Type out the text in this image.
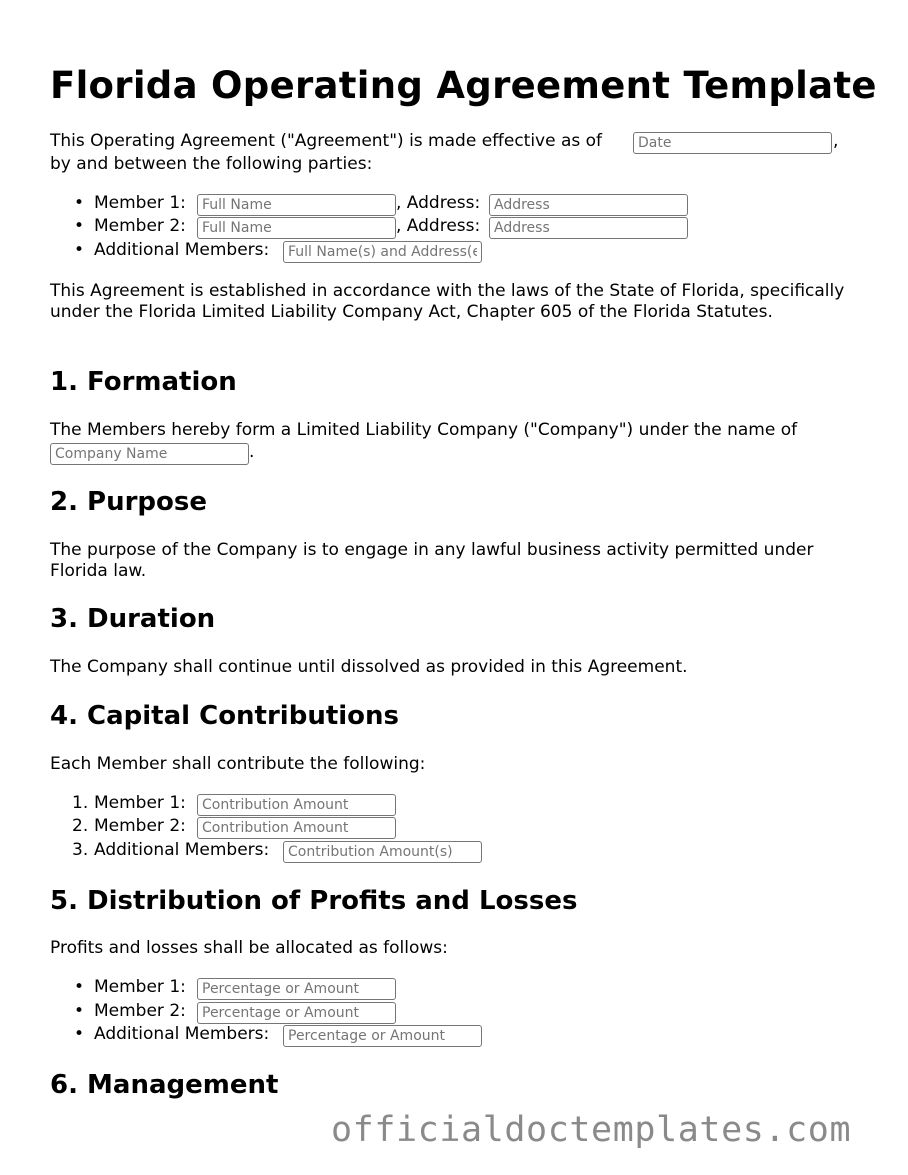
Florida Operating Agreement Template
This Operating Agreement ("Agreement") is made effective as of
Date	,
by and between the following parties:
• Member 1:
Full Name	, Address:
Address
• Member 2:
Full Name	, Address:
Address
• Additional Members:
Full Name(s) and Address(es)

This Agreement is established in accordance with the laws of the State of Florida, specifically under the Florida Limited Liability Company Act, Chapter 605 of the Florida Statutes.

1. Formation
The Members hereby form a Limited Liability Company ("Company") under the name of
Company Name
.
2. Purpose

The purpose of the Company is to engage in any lawful business activity permitted under Florida law.

3. Duration
The Company shall continue until dissolved as provided in this Agreement.
4. Capital Contributions
Each Member shall contribute the following:
1. Member 1:
Contribution Amount
2. Member 2:
Contribution Amount
3. Additional Members:
Contribution Amount(s)
5. Distribution of Profits and Losses
Profits and losses shall be allocated as follows:
• Member 1:
Percentage or Amount
• Member 2:
Percentage or Amount
• Additional Members:
Percentage or Amount
6. Management
officialdoctemplates.com
